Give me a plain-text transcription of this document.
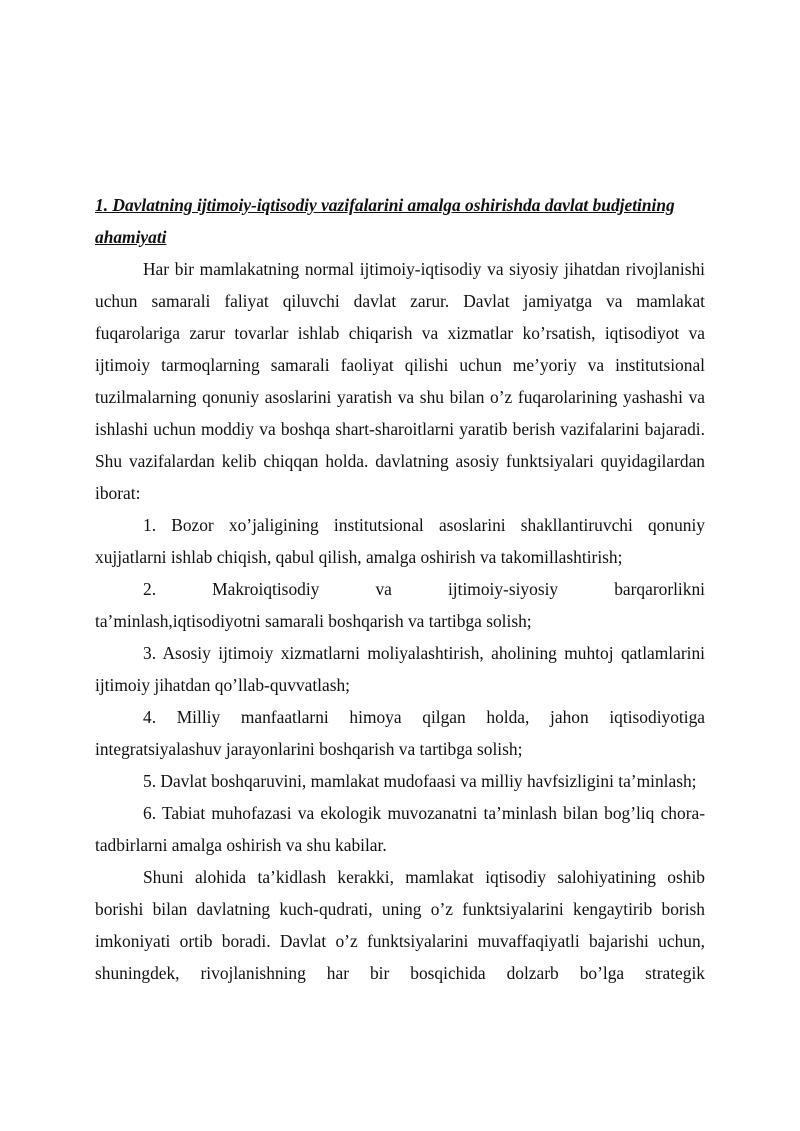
1. Davlatning ijtimoiy-iqtisodiy vazifalarini amalga oshirishda davlat budjetining ahamiyati

Har bir mamlakatning normal ijtimoiy-iqtisodiy va siyosiy jihatdan rivojlanishi uchun samarali faliyat qiluvchi davlat zarur. Davlat jamiyatga va mamlakat fuqarolariga zarur tovarlar ishlab chiqarish va xizmatlar ko’rsatish, iqtisodiyot va ijtimoiy tarmoqlarning samarali faoliyat qilishi uchun me’yoriy va institutsional tuzilmalarning qonuniy asoslarini yaratish va shu bilan o’z fuqarolarining yashashi va ishlashi uchun moddiy va boshqa shart-sharoitlarni yaratib berish vazifalarini bajaradi. Shu vazifalardan kelib chiqqan holda. davlatning asosiy funktsiyalari quyidagilardan iborat:

1. Bozor xo’jaligining institutsional asoslarini shakllantiruvchi qonuniy xujjatlarni ishlab chiqish, qabul qilish, amalga oshirish va takomillashtirish;

2. Makroiqtisodiy va ijtimoiy-siyosiy barqarorlikni

ta’minlash,iqtisodiyotni samarali boshqarish va tartibga solish;

3. Asosiy ijtimoiy xizmatlarni moliyalashtirish, aholining muhtoj qatlamlarini ijtimoiy jihatdan qo’llab-quvvatlash;

4. Milliy manfaatlarni himoya qilgan holda, jahon iqtisodiyotiga integratsiyalashuv jarayonlarini boshqarish va tartibga solish;

5. Davlat boshqaruvini, mamlakat mudofaasi va milliy havfsizligini ta’minlash;

6. Tabiat muhofazasi va ekologik muvozanatni ta’minlash bilan bog’liq chora-tadbirlarni amalga oshirish va shu kabilar.

Shuni alohida ta’kidlash kerakki, mamlakat iqtisodiy salohiyatining oshib borishi bilan davlatning kuch-qudrati, uning o’z funktsiyalarini kengaytirib borish imkoniyati ortib boradi. Davlat o’z funktsiyalarini muvaffaqiyatli bajarishi uchun, shuningdek, rivojlanishning har bir bosqichida dolzarb bo’lga strategik
